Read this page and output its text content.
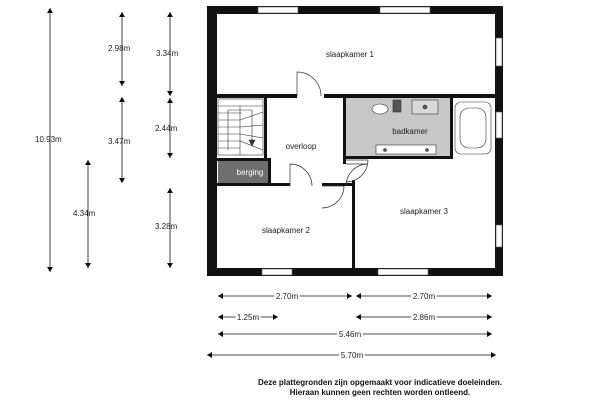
10.93m
2.98m
3.47m
4.34m
3.34m
2.44m
3.28m
slaapkamer 1
badkamer
overloop
berging
slaapkamer 2
slaapkamer 3
2.70m	2.70m
1.25m	2.86m
5.46m
5.70m
Deze plattegronden zijn opgemaakt voor indicatieve doeleinden.
Hieraan kunnen geen rechten worden ontleend.
